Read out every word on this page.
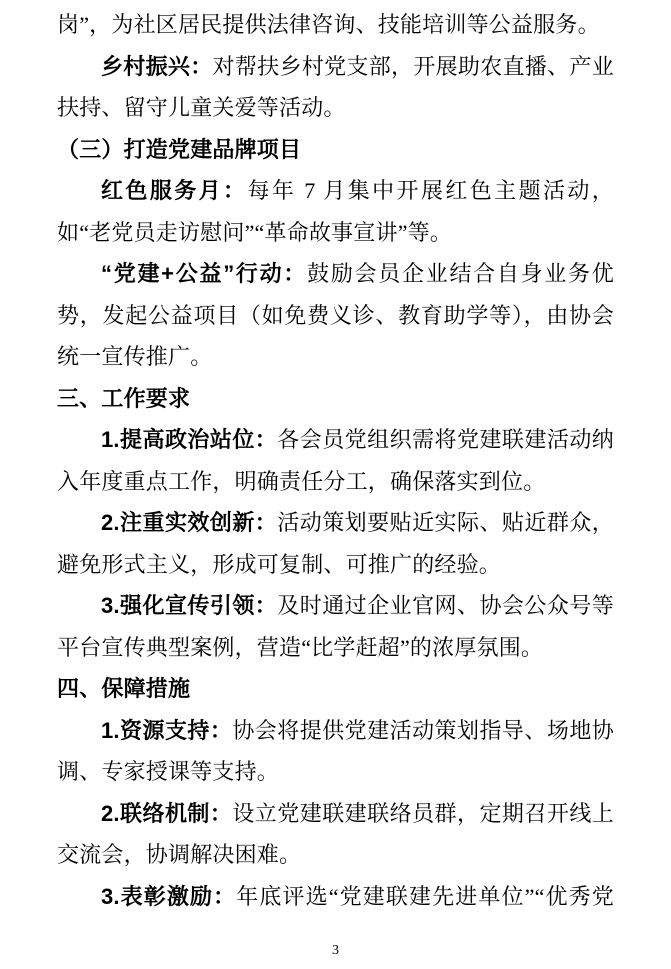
岗”，为社区居民提供法律咨询、技能培训等公益服务。

乡村振兴：对帮扶乡村党支部，开展助农直播、产业扶持、留守儿童关爱等活动。

（三）打造党建品牌项目

红色服务月：每年 7 月集中开展红色主题活动，如“老党员走访慰问”“革命故事宣讲”等。

“党建+公益”行动：鼓励会员企业结合自身业务优势，发起公益项目（如免费义诊、教育助学等），由协会统一宣传推广。

三、工作要求

1.提高政治站位：各会员党组织需将党建联建活动纳入年度重点工作，明确责任分工，确保落实到位。

2.注重实效创新：活动策划要贴近实际、贴近群众，避免形式主义，形成可复制、可推广的经验。

3.强化宣传引领：及时通过企业官网、协会公众号等平台宣传典型案例，营造“比学赶超”的浓厚氛围。

四、保障措施

1.资源支持：协会将提供党建活动策划指导、场地协调、专家授课等支持。

2.联络机制：设立党建联建联络员群，定期召开线上交流会，协调解决困难。

3.表彰激励：年底评选“党建联建先进单位”“优秀党

3
